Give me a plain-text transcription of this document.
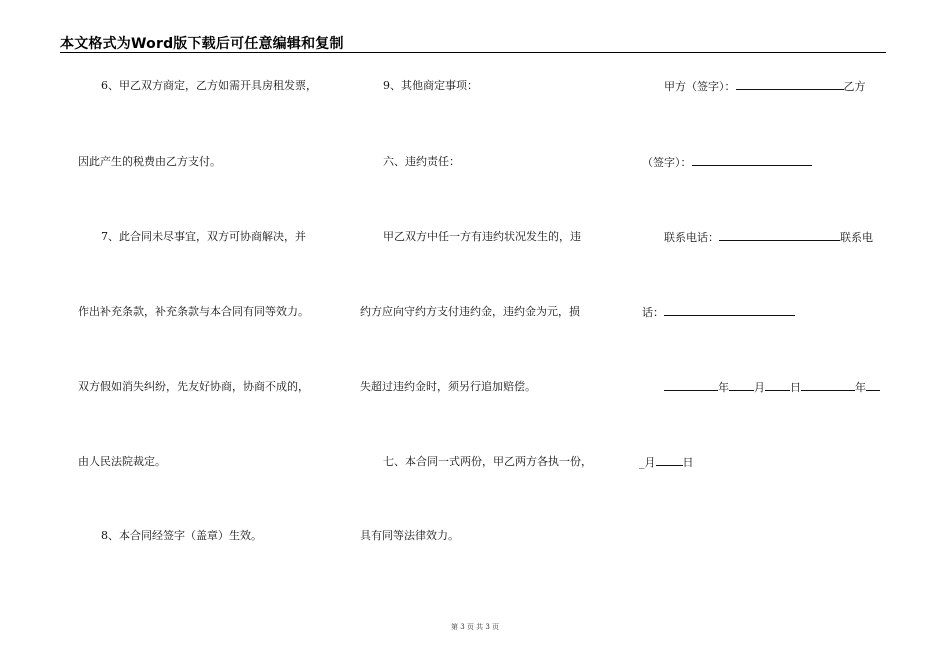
本文格式为Word版下载后可任意编辑和复制
6、甲乙双方商定，乙方如需开具房租发票，
因此产生的税费由乙方支付。
7、此合同未尽事宜，双方可协商解决，并
作出补充条款，补充条款与本合同有同等效力。
双方假如消失纠纷，先友好协商，协商不成的，
由人民法院裁定。
8、本合同经签字（盖章）生效。
9、其他商定事项：
六、违约责任：
甲乙双方中任一方有违约状况发生的，违
约方应向守约方支付违约金，违约金为元，损
失超过违约金时，须另行追加赔偿。
七、本合同一式两份，甲乙两方各执一份，
具有同等法律效力。
甲方（签字）：	乙方
（签字）：
联系电话：	联系电
话：
年 月 日	年
_月 日
第 3 页 共 3 页
